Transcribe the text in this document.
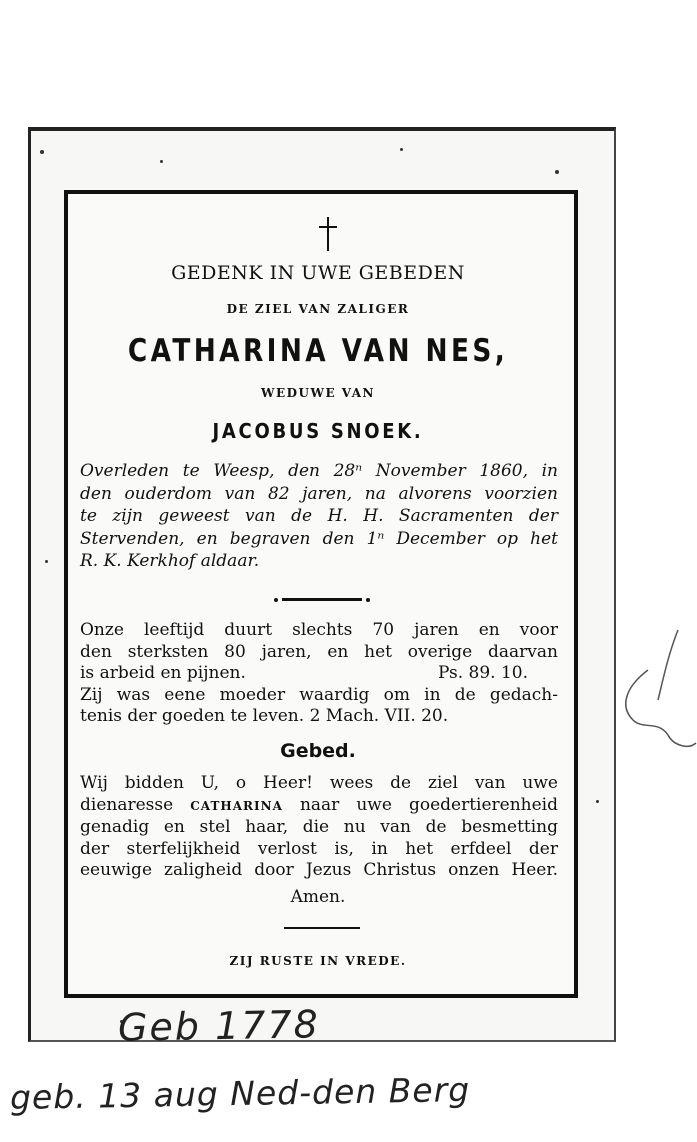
GEDENK IN UWE GEBEDEN
DE ZIEL VAN ZALIGER
CATHARINA VAN NES,
WEDUWE VAN
JACOBUS SNOEK.
Overleden te Weesp, den 28ⁿ November 1860, in
den ouderdom van 82 jaren, na alvorens voorzien
te zijn geweest van de H. H. Sacramenten der
Stervenden, en begraven den 1ⁿ December op het
R. K. Kerkhof aldaar.
Onze leeftijd duurt slechts 70 jaren en voor
den sterksten 80 jaren, en het overige daarvan
is arbeid en pijnen.	Ps. 89. 10.
Zij was eene moeder waardig om in de gedach-
tenis der goeden te leven. 2 Mach. VII. 20.
Gebed.
Wij bidden U, o Heer! wees de ziel van uwe
dienaresse CATHARINA naar uwe goedertierenheid
genadig en stel haar, die nu van de besmetting
der sterfelijkheid verlost is, in het erfdeel der
eeuwige zaligheid door Jezus Christus onzen Heer.
Amen.
ZIJ RUSTE IN VREDE.
Geb 1778
geb. 13 aug Ned-den Berg
